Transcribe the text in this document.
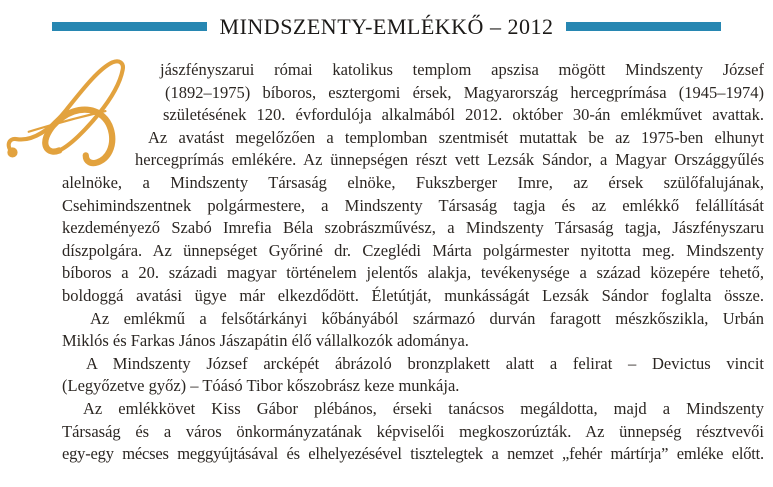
MINDSZENTY-EMLÉKKŐ – 2012
jászfényszarui római katolikus templom apszisa mögött Mindszenty József
(1892–1975) bíboros, esztergomi érsek, Magyarország hercegprímása (1945–1974)
születésének 120. évfordulója alkalmából 2012. október 30-án emlékművet avattak.
Az avatást megelőzően a templomban szentmisét mutattak be az 1975-ben elhunyt
hercegprímás emlékére. Az ünnepségen részt vett Lezsák Sándor, a Magyar Országgyűlés
alelnöke, a Mindszenty Társaság elnöke, Fukszberger Imre, az érsek szülőfalujának,
Csehimindszentnek polgármestere, a Mindszenty Társaság tagja és az emlékkő felállítását
kezdeményező Szabó Imrefia Béla szobrászművész, a Mindszenty Társaság tagja, Jászfényszaru
díszpolgára. Az ünnepséget Győriné dr. Czeglédi Márta polgármester nyitotta meg. Mindszenty
bíboros a 20. századi magyar történelem jelentős alakja, tevékenysége a század közepére tehető,
boldoggá avatási ügye már elkezdődött. Életútját, munkásságát Lezsák Sándor foglalta össze.
Az emlékmű a felsőtárkányi kőbányából származó durván faragott mészkőszikla, Urbán
Miklós és Farkas János Jászapátin élő vállalkozók adománya.
A Mindszenty József arcképét ábrázoló bronzplakett alatt a felirat – Devictus vincit
(Legyőzetve győz) – Tóásó Tibor kőszobrász keze munkája.
Az emlékkövet Kiss Gábor plébános, érseki tanácsos megáldotta, majd a Mindszenty
Társaság és a város önkormányzatának képviselői megkoszorúzták. Az ünnepség résztvevői
egy-egy mécses meggyújtásával és elhelyezésével tisztelegtek a nemzet „fehér mártírja” emléke előtt.
